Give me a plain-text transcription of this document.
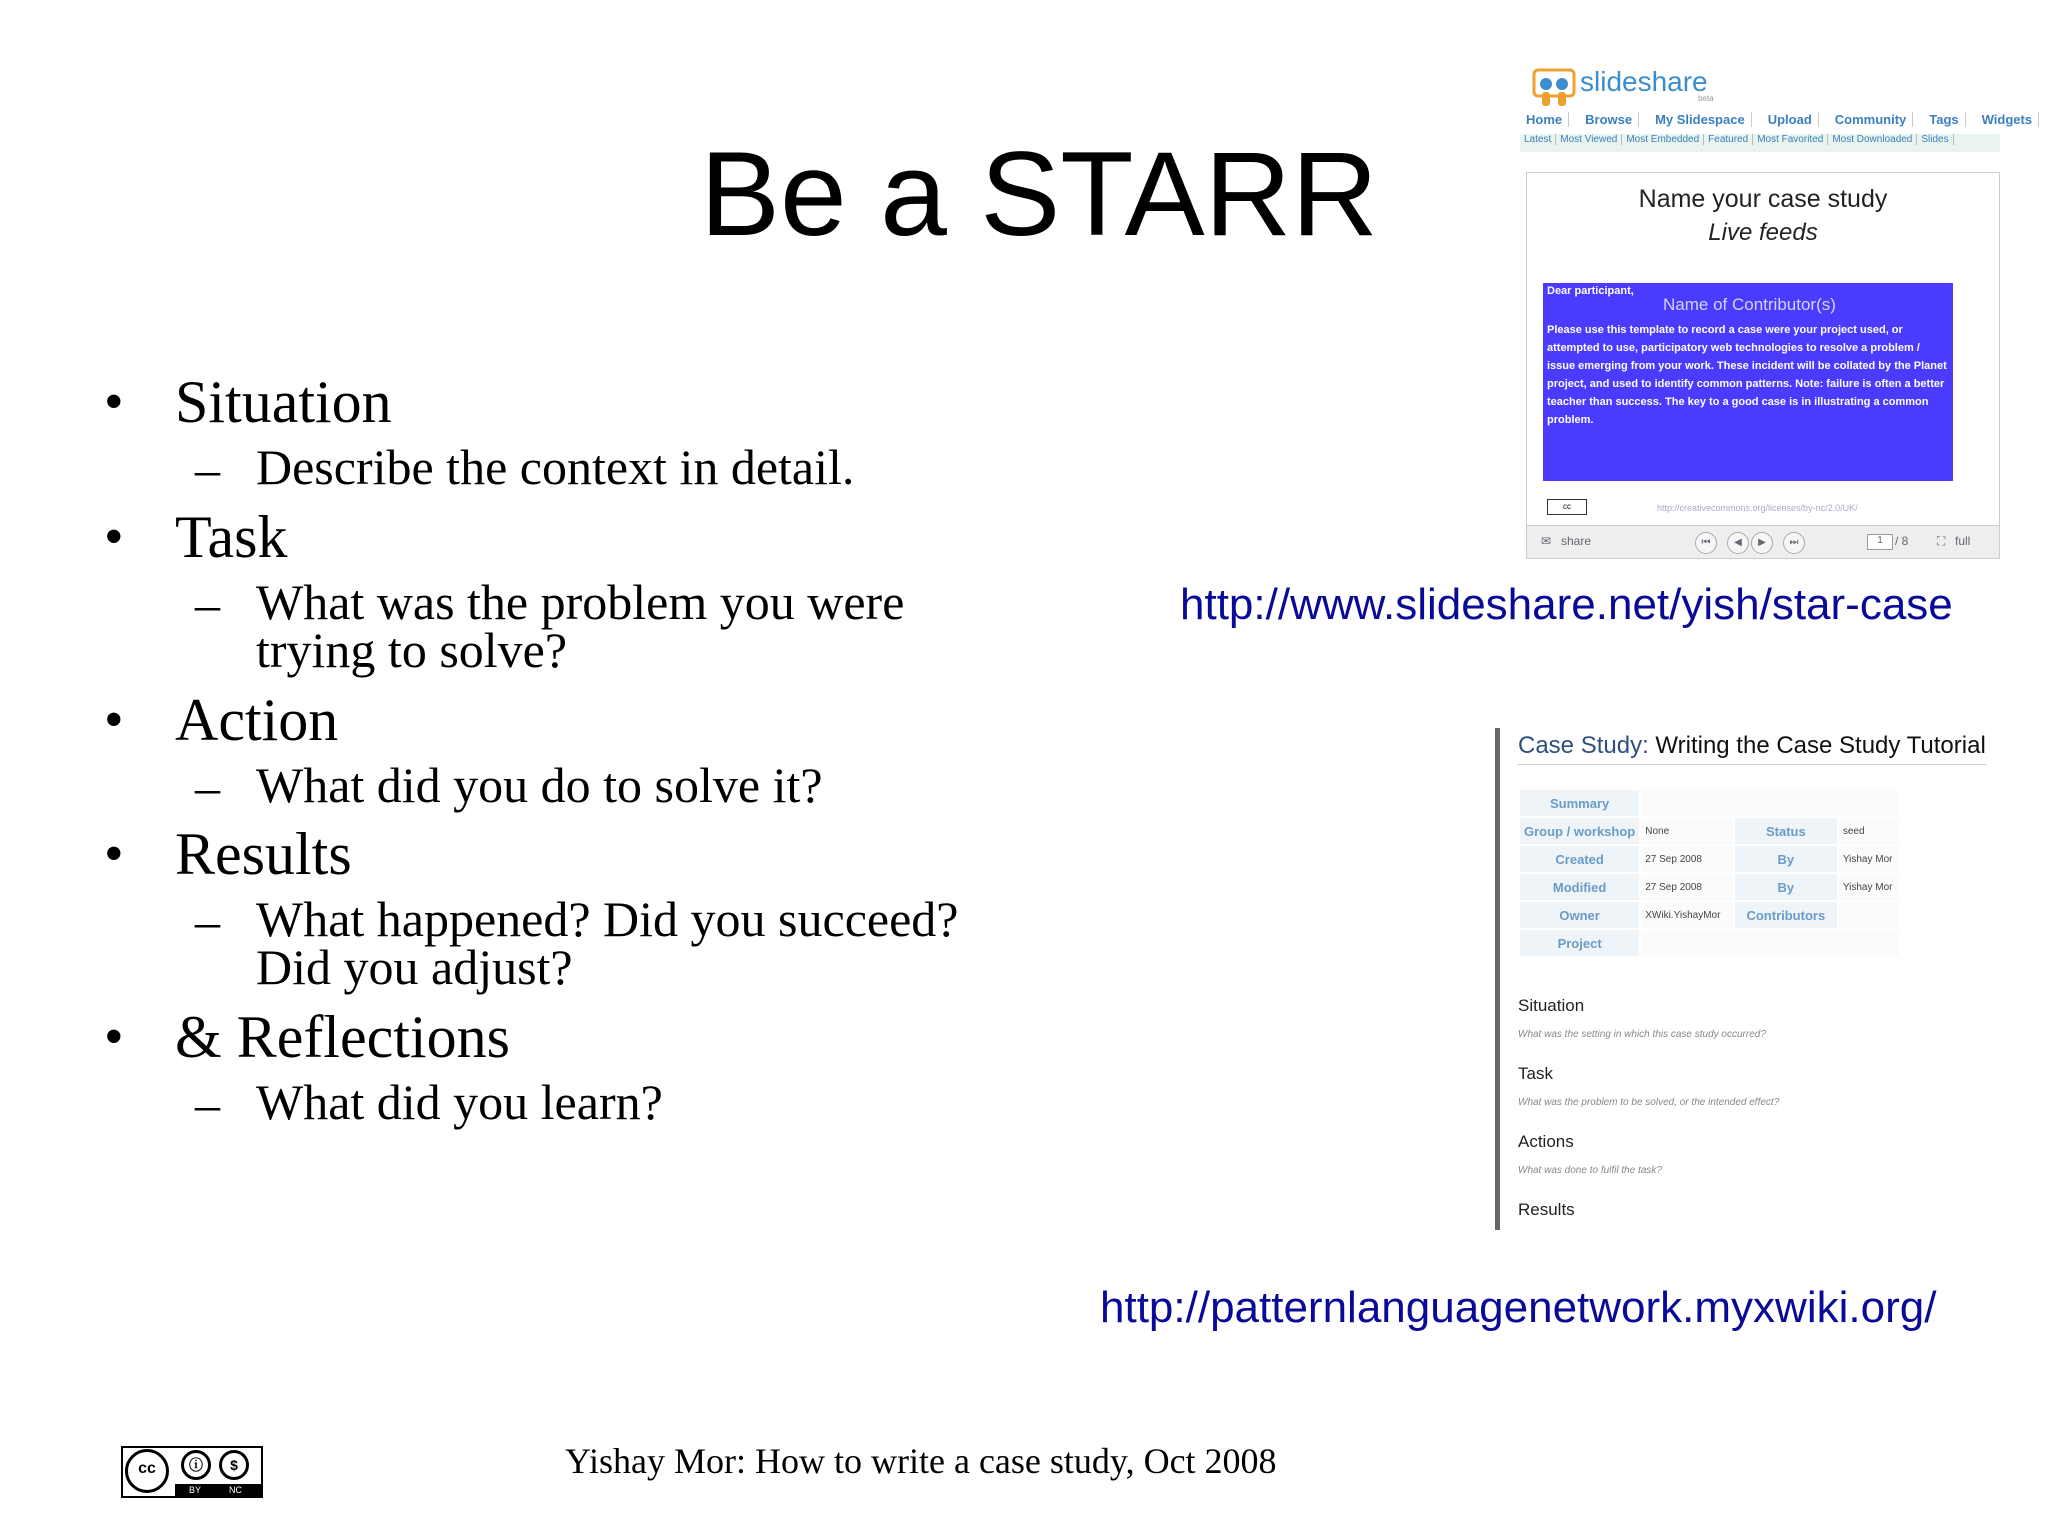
Be a STARR
• Situation
– Describe the context in detail.
• Task
– What was the problem you were
trying to solve?
• Action
– What did you do to solve it?
• Results
– What happened? Did you succeed?
Did you adjust?
• & Reflections
– What did you learn?
slideshare
beta
Home Browse My Slidespace Upload Community Tags Widgets
Latest Most Viewed Most Embedded Featured Most Favorited Most Downloaded Slides
Name your case study
Live feeds
Dear participant,
Name of Contributor(s)
Please use this template to record a case were your project used, or attempted to use, participatory web technologies to resolve a problem / issue emerging from your work. These incident will be collated by the Planet project, and used to identify common patterns. Note: failure is often a better teacher than success. The key to a good case is in illustrating a common problem.
cc	http://creativecommons.org/licenses/by-nc/2.0/UK/
✉ share	⏮	◀	▶	⏭	1	/ 8 ⛶ full
http://www.slideshare.net/yish/star-case
Case Study: Writing the Case Study Tutorial
Summary			
Group / workshop	None	Status	seed
Created	27 Sep 2008	By	Yishay Mor
Modified	27 Sep 2008	By	Yishay Mor
Owner	XWiki.YishayMor	Contributors	
Project			
Situation
What was the setting in which this case study occurred?
Task
What was the problem to be solved, or the intended effect?
Actions
What was done to fulfil the task?
Results
http://patternlanguagenetwork.myxwiki.org/
cc	ⓘ	$
BY	NC
Yishay Mor: How to write a case study, Oct 2008
